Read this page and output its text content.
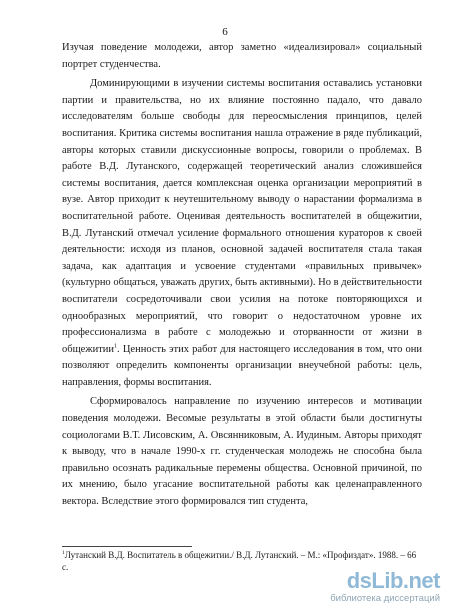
6

Изучая поведение молодежи, автор заметно «идеализировал» социальный портрет студенчества.

Доминирующими в изучении системы воспитания оставались установки партии и правительства, но их влияние постоянно падало, что давало исследователям больше свободы для переосмысления принципов, целей воспитания. Критика системы воспитания нашла отражение в ряде публикаций, авторы которых ставили дискуссионные вопросы, говорили о проблемах. В работе В.Д. Лутанского, содержащей теоретический анализ сложившейся системы воспитания, дается комплексная оценка организации мероприятий в вузе. Автор приходит к неутешительному выводу о нарастании формализма в воспитательной работе. Оценивая деятельность воспитателей в общежитии, В.Д. Лутанский отмечал усиление формального отношения кураторов к своей деятельности: исходя из планов, основной задачей воспитателя стала такая задача, как адаптация и усвоение студентами «правильных привычек» (культурно общаться, уважать других, быть активными). Но в действительности воспитатели сосредоточивали свои усилия на потоке повторяющихся и однообразных мероприятий, что говорит о недостаточном уровне их профессионализма в работе с молодежью и оторванности от жизни в общежитии$^1$. Ценность этих работ для настоящего исследования в том, что они позволяют определить компоненты организации внеучебной работы: цель, направления, формы воспитания.

Сформировалось направление по изучению интересов и мотивации поведения молодежи. Весомые результаты в этой области были достигнуты социологами В.Т. Лисовским, А. Овсянниковым, А. Иудиным. Авторы приходят к выводу, что в начале 1990-х гг. студенческая молодежь не способна была правильно осознать радикальные перемены общества. Основной причиной, по их мнению, было угасание воспитательной работы как целенаправленного вектора. Вследствие этого формировался тип студента,

$^1$Лутанский В.Д. Воспитатель в общежитии./ В.Д. Лутанский. – М.: «Профиздат». 1988. – 66 с.
dsLib.net
библиотека диссертаций
